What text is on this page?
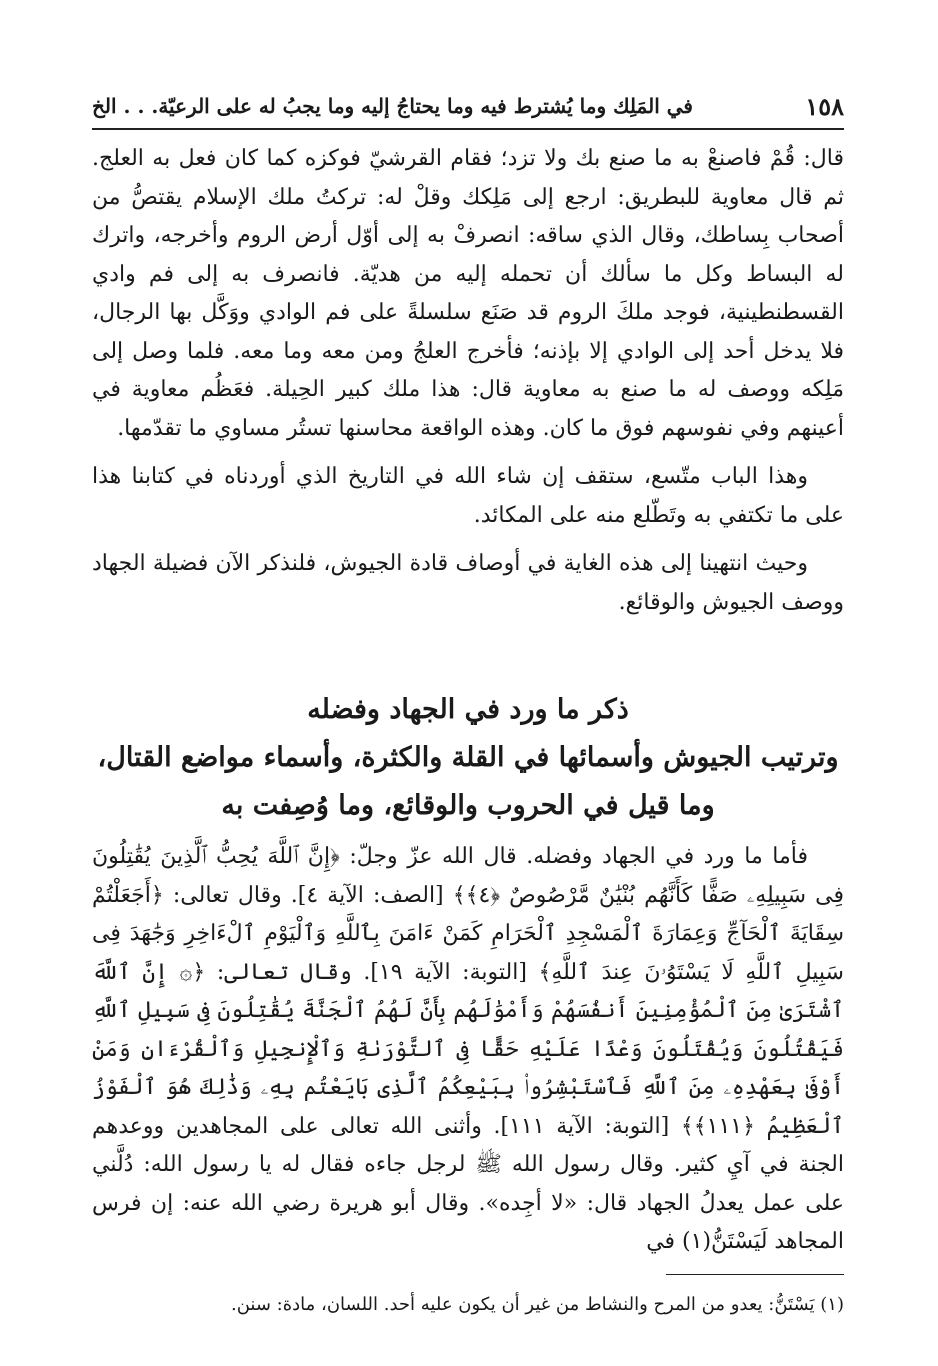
١٥٨
في المَلِك وما يُشترط فيه وما يحتاجُ إليه وما يجبُ له على الرعيّة. . . الخ

قال: قُمْ فاصنعْ به ما صنع بك ولا تزد؛ فقام القرشيّ فوكزه كما كان فعل به العلج. ثم قال معاوية للبطريق: ارجع إلى مَلِكك وقلْ له: تركتُ ملك الإسلام يقتصُّ من أصحاب بِساطك، وقال الذي ساقه: انصرفْ به إلى أوّل أرض الروم وأخرجه، واترك له البساط وكل ما سألك أن تحمله إليه من هديّة. فانصرف به إلى فم وادي القسطنطينية، فوجد ملكَ الروم قد صَنَع سلسلةً على فم الوادي ووَكَّل بها الرجال، فلا يدخل أحد إلى الوادي إلا بإذنه؛ فأخرج العلجُ ومن معه وما معه. فلما وصل إلى مَلِكه ووصف له ما صنع به معاوية قال: هذا ملك كبير الحِيلة. فعَظُم معاوية في أعينهم وفي نفوسهم فوق ما كان. وهذه الواقعة محاسنها تستُر مساوي ما تقدّمها.

وهذا الباب متّسع، ستقف إن شاء الله في التاريخ الذي أوردناه في كتابنا هذا على ما تكتفي به وتَطّلع منه على المكائد.

وحيث انتهينا إلى هذه الغاية في أوصاف قادة الجيوش، فلنذكر الآن فضيلة الجهاد ووصف الجيوش والوقائع.

ذكر ما ورد في الجهاد وفضله
وترتيب الجيوش وأسمائها في القلة والكثرة، وأسماء مواضع القتال،
وما قيل في الحروب والوقائع، وما وُصِفت به
فأما ما ورد في الجهاد وفضله. قال الله عزّ وجلّ: ﴿إِنَّ ٱللَّهَ يُحِبُّ ٱلَّذِينَ يُقَٰتِلُونَ فِى سَبِيلِهِۦ صَفًّا كَأَنَّهُم بُنْيَٰنٌ مَّرْصُوصٌ ﴿٤﴾﴾ [الصف: الآية ٤]. وقال تعالى: ﴿أَجَعَلْتُمْ سِقَايَةَ ٱلْحَآجِّ وَعِمَارَةَ ٱلْمَسْجِدِ ٱلْحَرَامِ كَمَنْ ءَامَنَ بِٱللَّهِ وَٱلْيَوْمِ ٱلْءَاخِرِ وَجَٰهَدَ فِى سَبِيلِ ٱللَّهِ لَا يَسْتَوُۥنَ عِندَ ٱللَّهِ﴾ [التوبة: الآية ١٩]. وقال تعالى: ﴿۞ إِنَّ ٱللَّهَ ٱشْتَرَىٰ مِنَ ٱلْمُؤْمِنِينَ أَنفُسَهُمْ وَأَمْوَٰلَهُم بِأَنَّ لَهُمُ ٱلْجَنَّةَ يُقَٰتِلُونَ فِى سَبِيلِ ٱللَّهِ فَيَقْتُلُونَ وَيُقْتَلُونَ وَعْدًا عَلَيْهِ حَقًّا فِى ٱلتَّوْرَىٰةِ وَٱلْإِنجِيلِ وَٱلْقُرْءَانِ وَمَنْ أَوْفَىٰ بِعَهْدِهِۦ مِنَ ٱللَّهِ فَٱسْتَبْشِرُوا۟ بِبَيْعِكُمُ ٱلَّذِى بَايَعْتُم بِهِۦ وَذَٰلِكَ هُوَ ٱلْفَوْزُ ٱلْعَظِيمُ ﴿١١١﴾﴾ [التوبة: الآية ١١١]. وأثنى الله تعالى على المجاهدين ووعدهم الجنة في آيِ كثير. وقال رسول الله ﷺ لرجل جاءه فقال له يا رسول الله: دُلَّني على عمل يعدلُ الجهاد قال: «لا أجِده». وقال أبو هريرة رضي الله عنه: إن فرس المجاهد لَيَسْتَنُّ(١) في
(١) يَسْتَنُّ: يعدو من المرح والنشاط من غير أن يكون عليه أحد. اللسان، مادة: سنن.
